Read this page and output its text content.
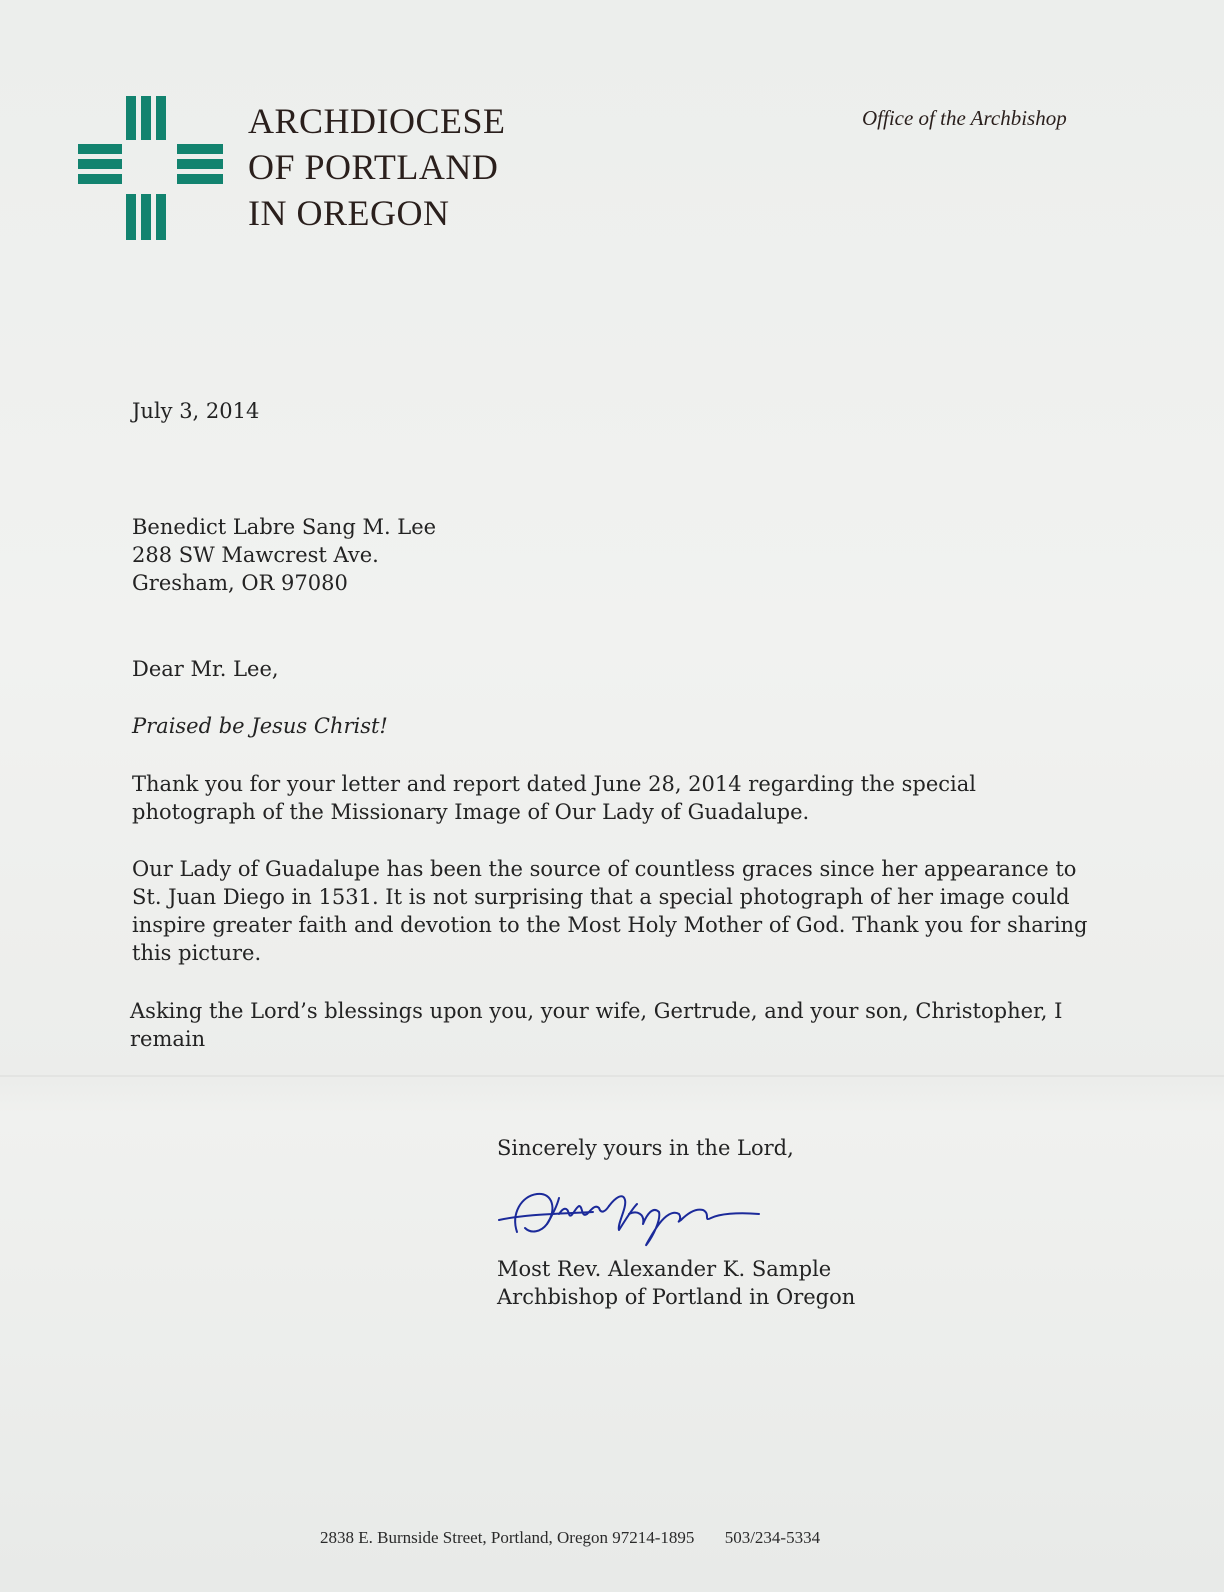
ARCHDIOCESE
OF PORTLAND
IN OREGON
Office of the Archbishop
July 3, 2014
Benedict Labre Sang M. Lee
288 SW Mawcrest Ave.
Gresham, OR 97080
Dear Mr. Lee,
Praised be Jesus Christ!
Thank you for your letter and report dated June 28, 2014 regarding the special photograph of the Missionary Image of Our Lady of Guadalupe.
Our Lady of Guadalupe has been the source of countless graces since her appearance to St. Juan Diego in 1531. It is not surprising that a special photograph of her image could inspire greater faith and devotion to the Most Holy Mother of God. Thank you for sharing this picture.
Asking the Lord’s blessings upon you, your wife, Gertrude, and your son, Christopher, I remain
Sincerely yours in the Lord,
Most Rev. Alexander K. Sample
Archbishop of Portland in Oregon
2838 E. Burnside Street, Portland, Oregon 97214-1895 503/234-5334
